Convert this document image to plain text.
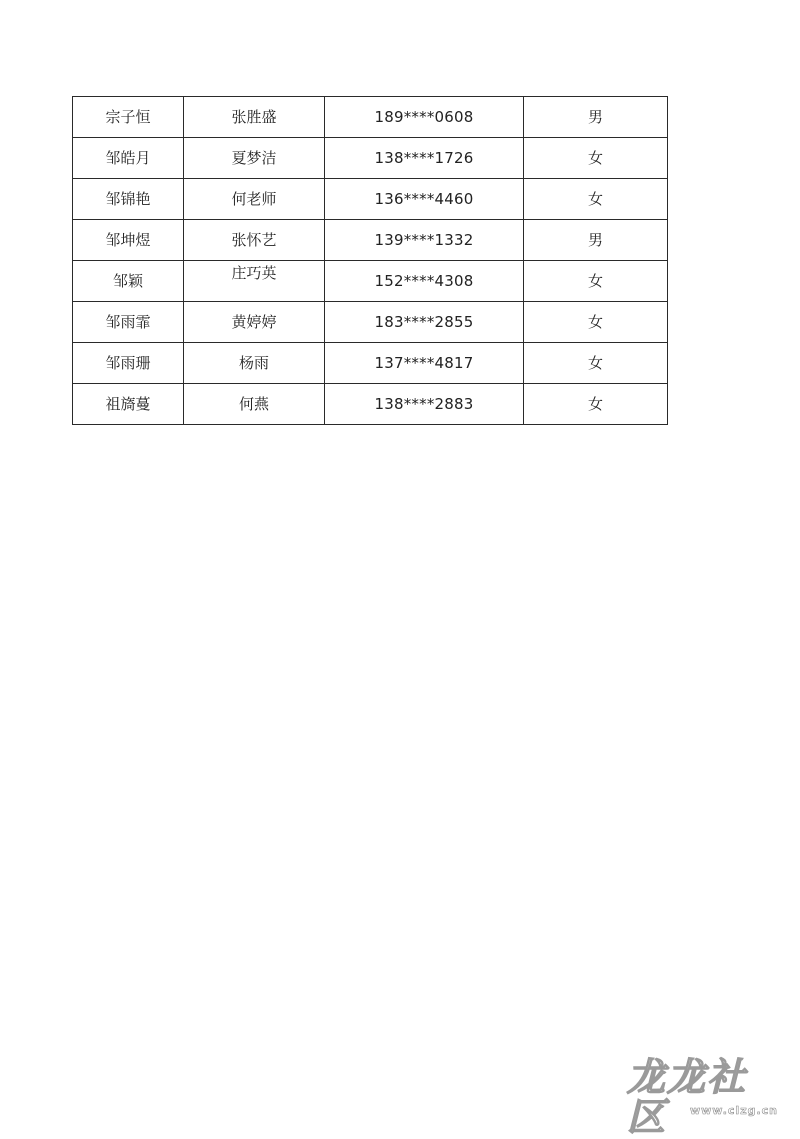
宗子恒	张胜盛	189****0608	男
邹皓月	夏梦洁	138****1726	女
邹锦艳	何老师	136****4460	女
邹坤煜	张怀艺	139****1332	男
邹颖	庄巧英	152****4308	女
邹雨霏	黄婷婷	183****2855	女
邹雨珊	杨雨	137****4817	女
祖旖蔓	何燕	138****2883	女
龙龙社区	www.clzg.cn
